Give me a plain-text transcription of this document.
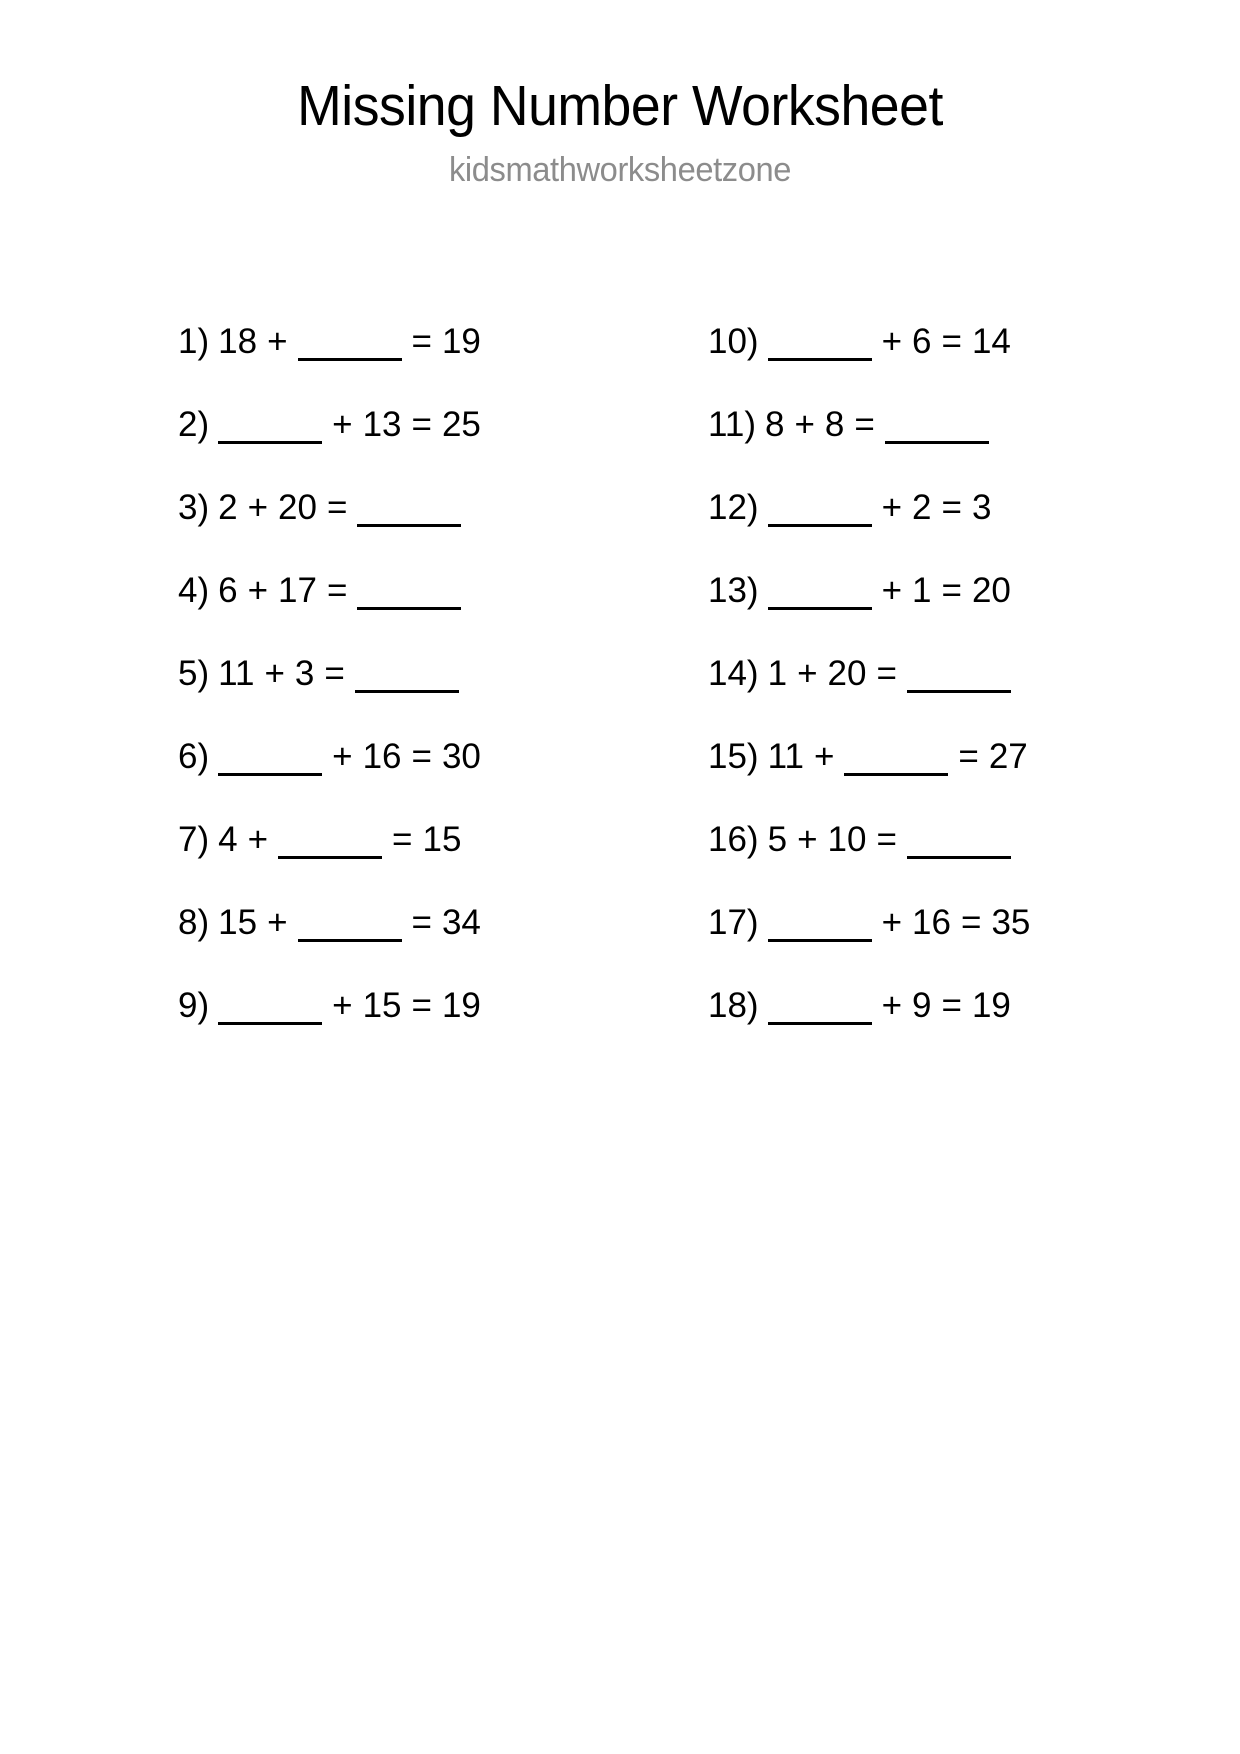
Missing Number Worksheet
kidsmathworksheetzone
1) 18 +	= 19
2)	+ 13 = 25
3) 2 + 20 =
4) 6 + 17 =
5) 11 + 3 =
6)	+ 16 = 30
7) 4 +	= 15
8) 15 +	= 34
9)	+ 15 = 19
10)	+ 6 = 14
11) 8 + 8 =
12)	+ 2 = 3
13)	+ 1 = 20
14) 1 + 20 =
15) 11 +	= 27
16) 5 + 10 =
17)	+ 16 = 35
18)	+ 9 = 19
